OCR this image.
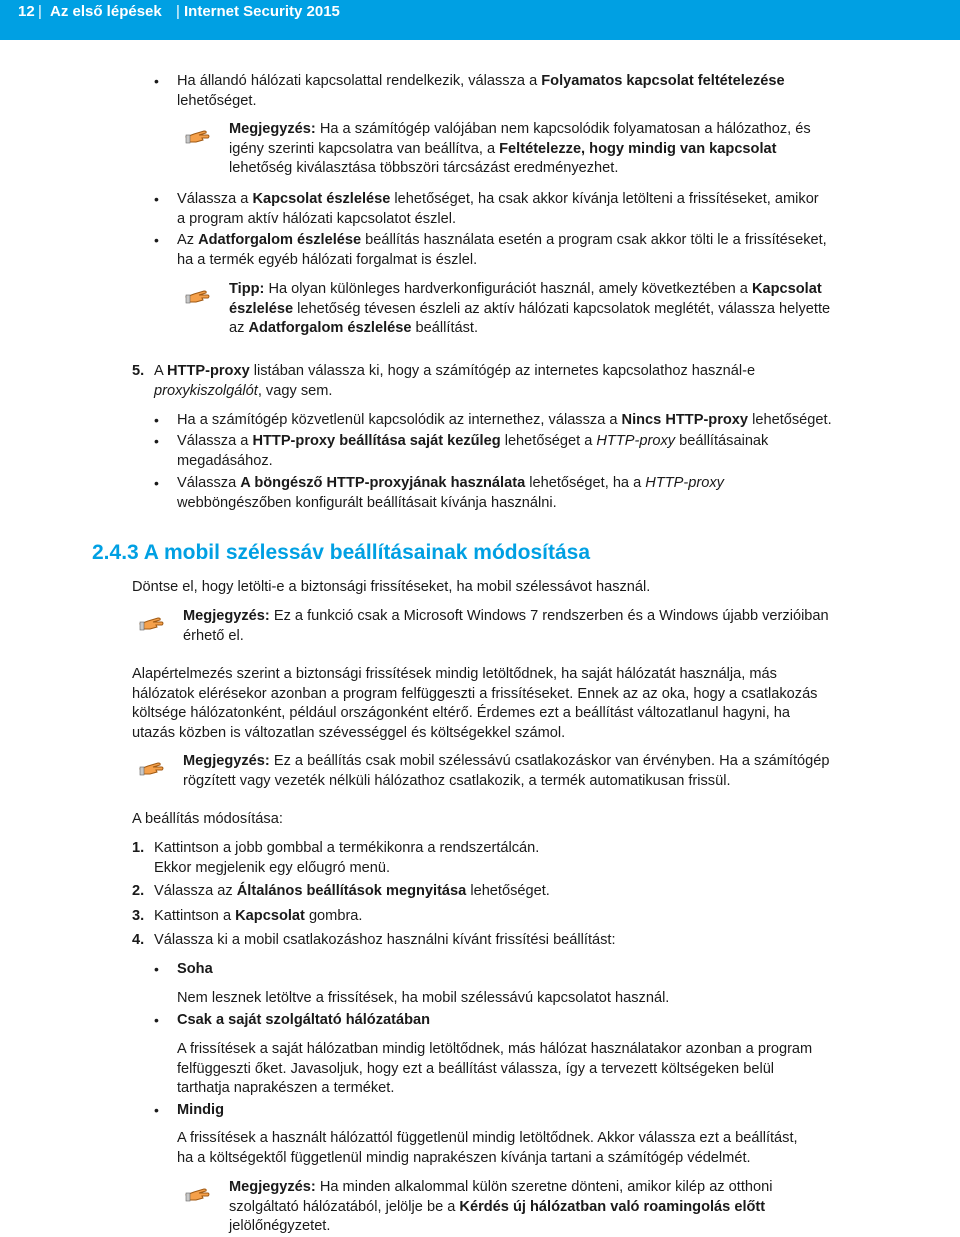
12 | Az első lépések | Internet Security 2015
• Ha állandó hálózati kapcsolattal rendelkezik, válassza a Folyamatos kapcsolat feltételezése
lehetőséget.
Megjegyzés: Ha a számítógép valójában nem kapcsolódik folyamatosan a hálózathoz, és
igény szerinti kapcsolatra van beállítva, a Feltételezze, hogy mindig van kapcsolat
lehetőség kiválasztása többszöri tárcsázást eredményezhet.
• Válassza a Kapcsolat észlelése lehetőséget, ha csak akkor kívánja letölteni a frissítéseket, amikor
a program aktív hálózati kapcsolatot észlel.
• Az Adatforgalom észlelése beállítás használata esetén a program csak akkor tölti le a frissítéseket,
ha a termék egyéb hálózati forgalmat is észlel.
Tipp: Ha olyan különleges hardverkonfigurációt használ, amely következtében a Kapcsolat
észlelése lehetőség tévesen észleli az aktív hálózati kapcsolatok meglétét, válassza helyette
az Adatforgalom észlelése beállítást.
5. A HTTP-proxy listában válassza ki, hogy a számítógép az internetes kapcsolathoz használ-e
proxykiszolgálót, vagy sem.
• Ha a számítógép közvetlenül kapcsolódik az internethez, válassza a Nincs HTTP-proxy lehetőséget.
• Válassza a HTTP-proxy beállítása saját kezűleg lehetőséget a HTTP-proxy beállításainak
megadásához.
• Válassza A böngésző HTTP-proxyjának használata lehetőséget, ha a HTTP-proxy
webböngészőben konfigurált beállításait kívánja használni.
2.4.3 A mobil szélessáv beállításainak módosítása
Döntse el, hogy letölti-e a biztonsági frissítéseket, ha mobil szélessávot használ.
Megjegyzés: Ez a funkció csak a Microsoft Windows 7 rendszerben és a Windows újabb verzióiban
érhető el.
Alapértelmezés szerint a biztonsági frissítések mindig letöltődnek, ha saját hálózatát használja, más
hálózatok elérésekor azonban a program felfüggeszti a frissítéseket. Ennek az az oka, hogy a csatlakozás
költsége hálózatonként, például országonként eltérő. Érdemes ezt a beállítást változatlanul hagyni, ha
utazás közben is változatlan szévességgel és költségekkel számol.
Megjegyzés: Ez a beállítás csak mobil szélessávú csatlakozáskor van érvényben. Ha a számítógép
rögzített vagy vezeték nélküli hálózathoz csatlakozik, a termék automatikusan frissül.
A beállítás módosítása:
1. Kattintson a jobb gombbal a termékikonra a rendszertálcán.
Ekkor megjelenik egy előugró menü.
2. Válassza az Általános beállítások megnyitása lehetőséget.
3. Kattintson a Kapcsolat gombra.
4. Válassza ki a mobil csatlakozáshoz használni kívánt frissítési beállítást:
• Soha
Nem lesznek letöltve a frissítések, ha mobil szélessávú kapcsolatot használ.
• Csak a saját szolgáltató hálózatában
A frissítések a saját hálózatban mindig letöltődnek, más hálózat használatakor azonban a program
felfüggeszti őket. Javasoljuk, hogy ezt a beállítást válassza, így a tervezett költségeken belül
tarthatja naprakészen a terméket.
• Mindig
A frissítések a használt hálózattól függetlenül mindig letöltődnek. Akkor válassza ezt a beállítást,
ha a költségektől függetlenül mindig naprakészen kívánja tartani a számítógép védelmét.
Megjegyzés: Ha minden alkalommal külön szeretne dönteni, amikor kilép az otthoni
szolgáltató hálózatából, jelölje be a Kérdés új hálózatban való roamingolás előtt
jelölőnégyzetet.
